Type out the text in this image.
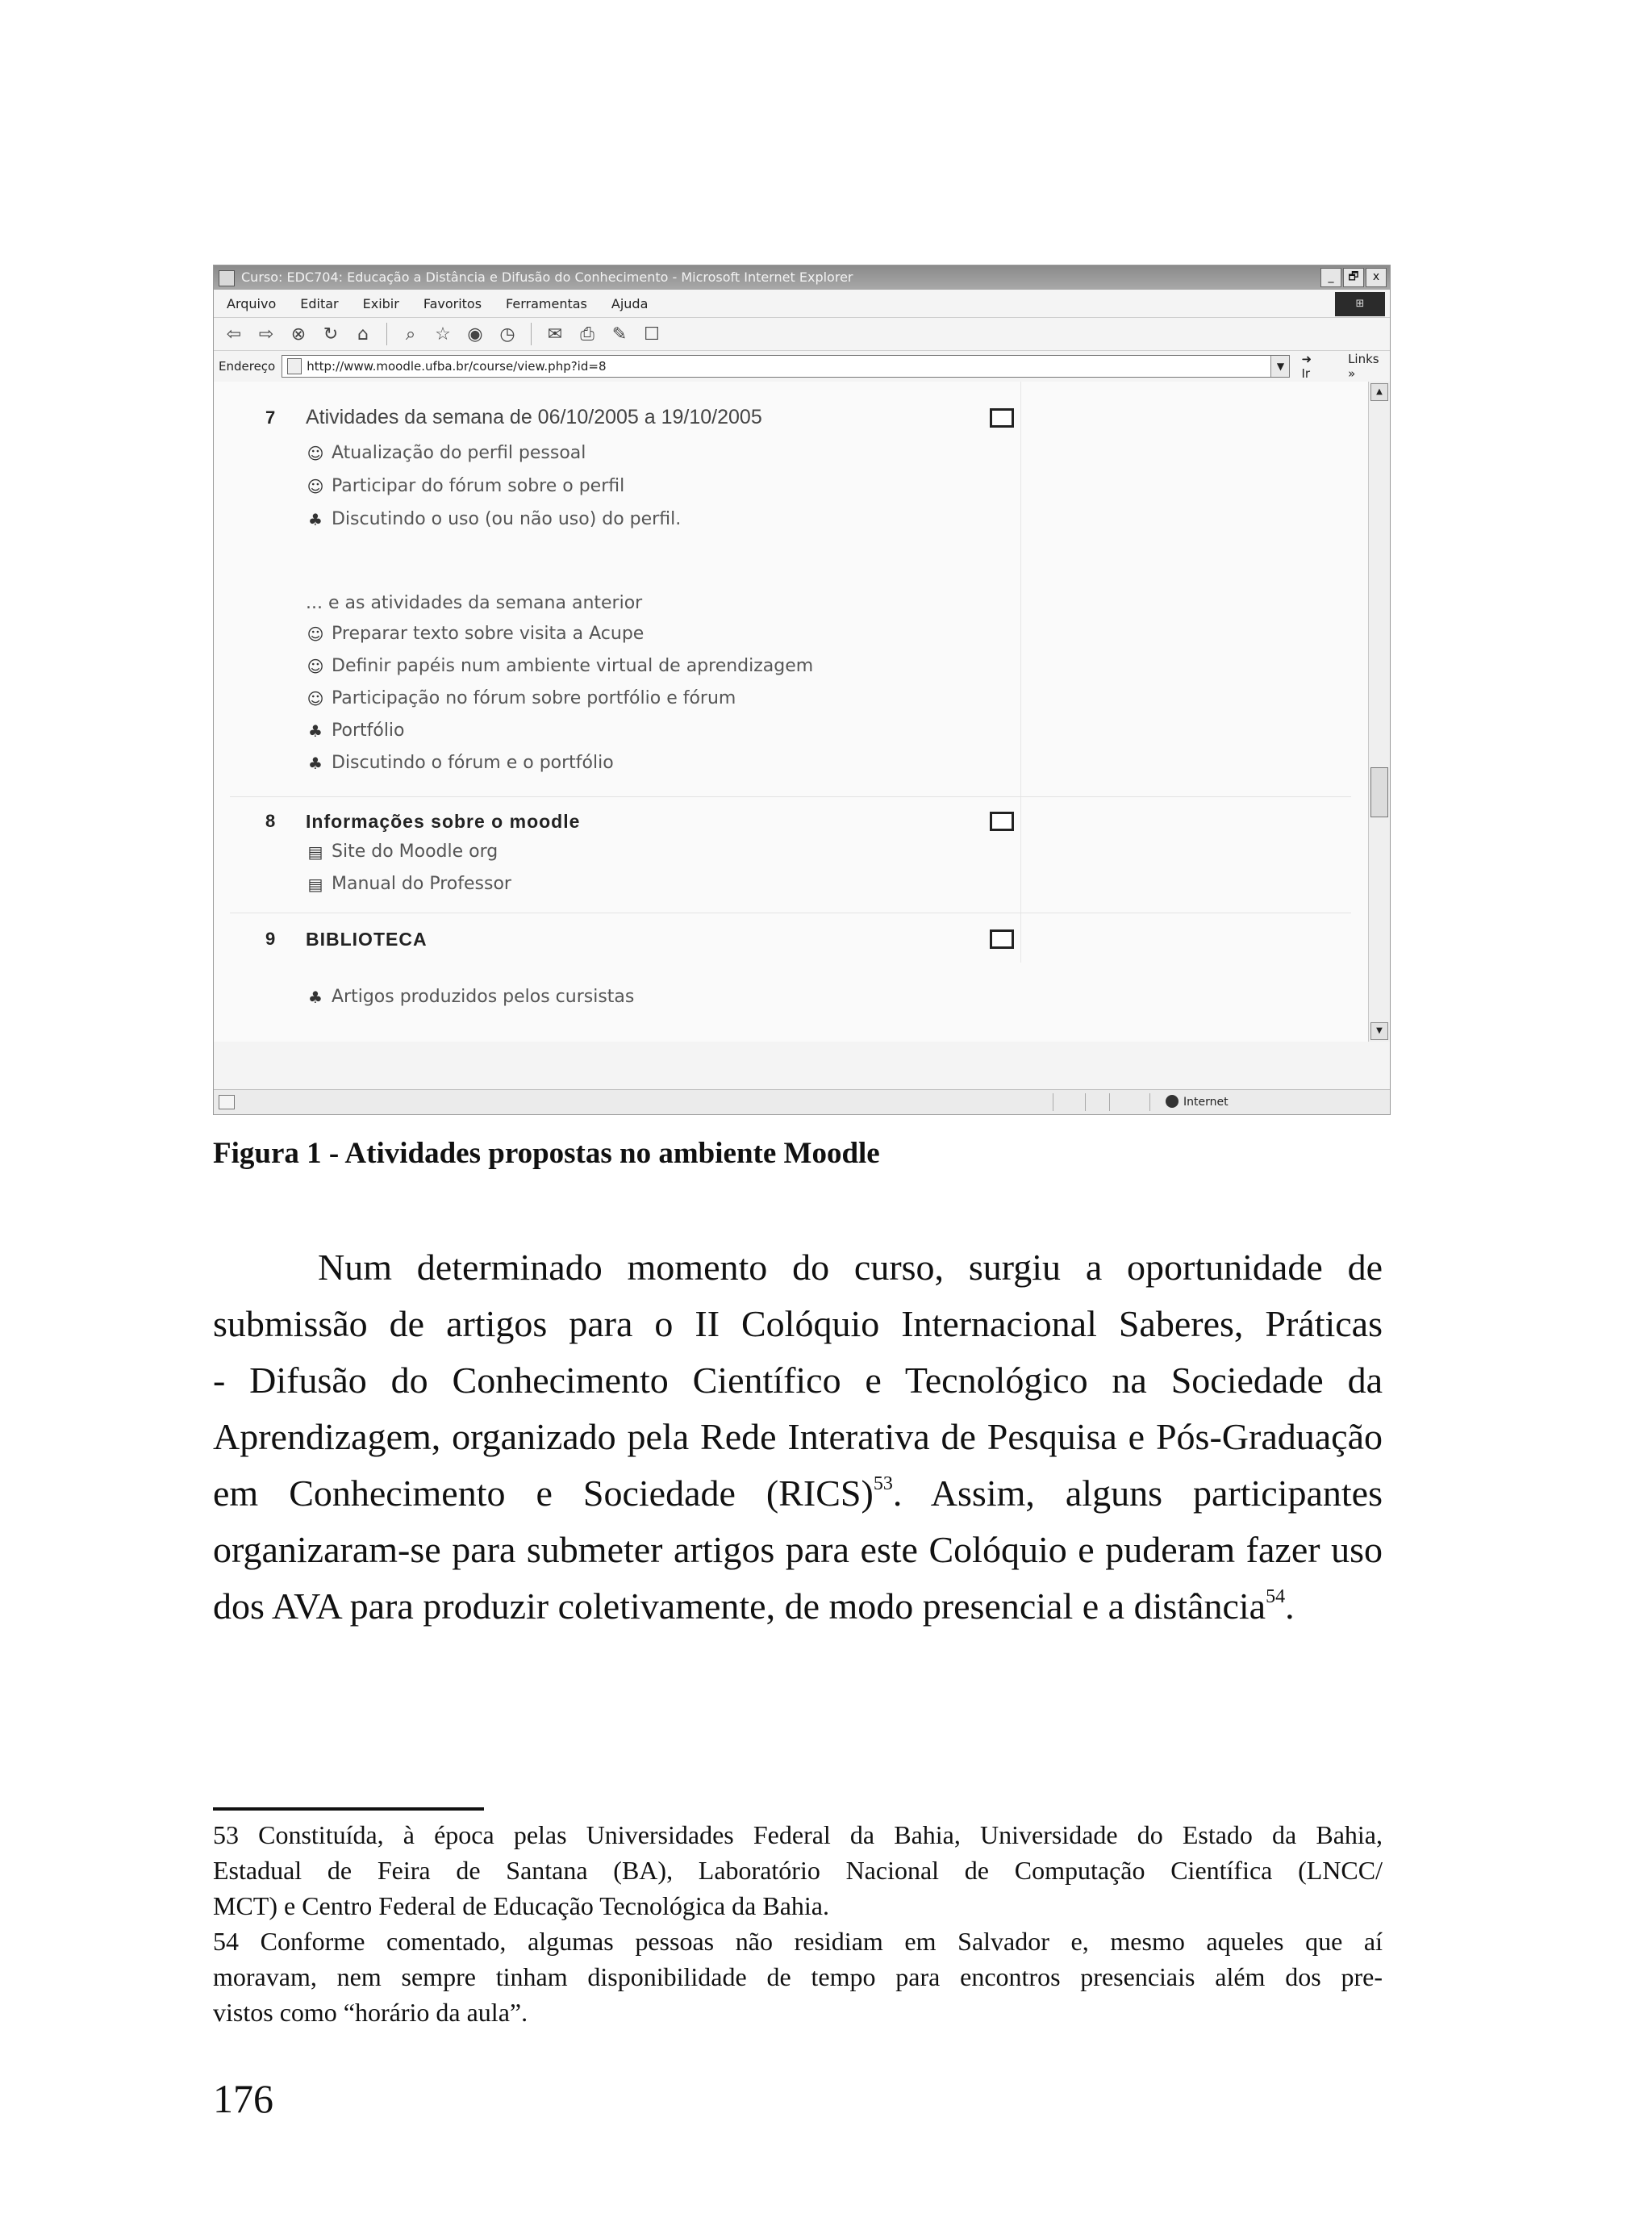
Curso: EDC704: Educação a Distância e Difusão do Conhecimento - Microsoft Internet Explorer	_	🗗	x
Arquivo Editar Exibir Favoritos Ferramentas Ajuda	⊞
⇦ ⇨ ⊗ ↻	⌂	⌕	☆ ◉ ◷ ✉ ⎙ ✎ ☐
Endereço	http://www.moodle.ufba.br/course/view.php?id=8	▼	➜ Ir
Links »
7 Atividades da semana de 06/10/2005 a 19/10/2005
☺ Atualização do perfil pessoal
☺ Participar do fórum sobre o perfil
♣ Discutindo o uso (ou não uso) do perfil.
... e as atividades da semana anterior
☺ Preparar texto sobre visita a Acupe
☺ Definir papéis num ambiente virtual de aprendizagem
☺ Participação no fórum sobre portfólio e fórum
♣ Portfólio
♣ Discutindo o fórum e o portfólio
8 Informações sobre o moodle
▤ Site do Moodle org
▤ Manual do Professor
9 BIBLIOTECA
♣ Artigos produzidos pelos cursistas
▲
▼
Internet
Figura 1 - Atividades propostas no ambiente Moodle
Num determinado momento do curso, surgiu a oportunidade de
submissão de artigos para o II Colóquio Internacional Saberes, Práticas
- Difusão do Conhecimento Científico e Tecnológico na Sociedade da
Aprendizagem, organizado pela Rede Interativa de Pesquisa e Pós-Graduação
em Conhecimento e Sociedade (RICS)$^{53}$. Assim, alguns participantes
organizaram-se para submeter artigos para este Colóquio e puderam fazer uso
dos AVA para produzir coletivamente, de modo presencial e a distância$^{54}$.
53 Constituída, à época pelas Universidades Federal da Bahia, Universidade do Estado da Bahia,
Estadual de Feira de Santana (BA), Laboratório Nacional de Computação Científica (LNCC/
MCT) e Centro Federal de Educação Tecnológica da Bahia.
54 Conforme comentado, algumas pessoas não residiam em Salvador e, mesmo aqueles que aí
moravam, nem sempre tinham disponibilidade de tempo para encontros presenciais além dos pre-
vistos como “horário da aula”.
176
